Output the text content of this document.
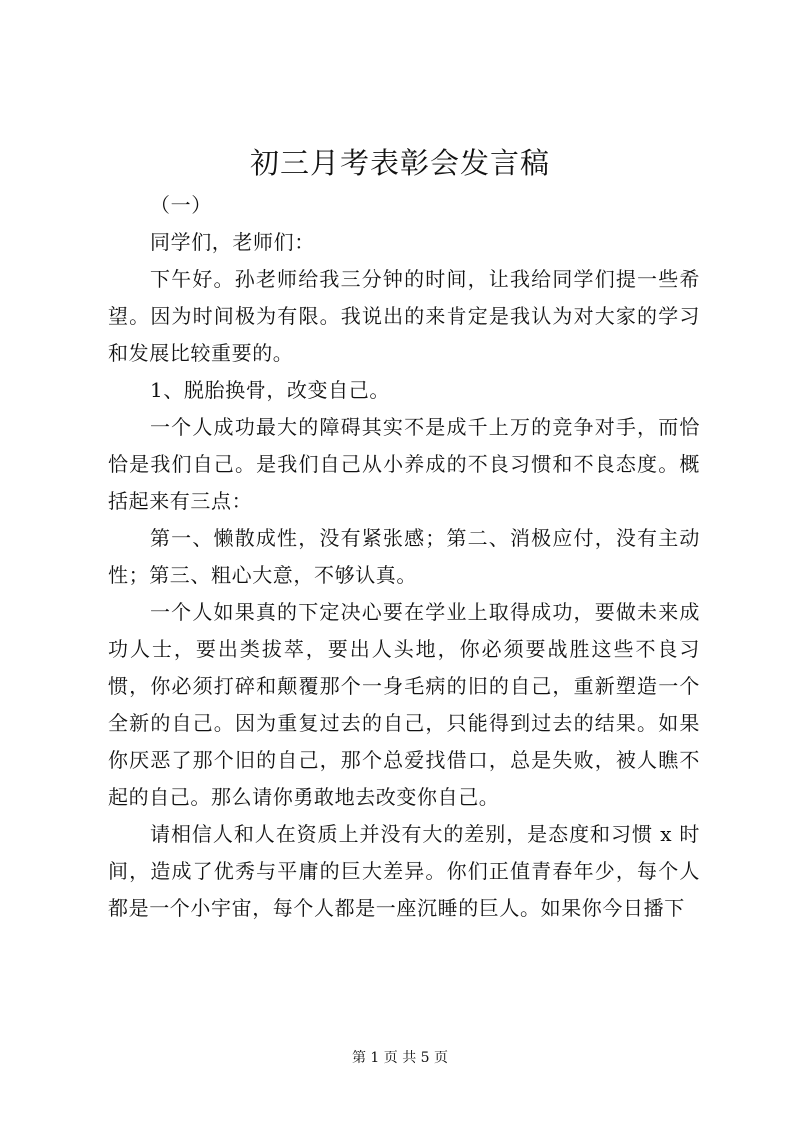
初三月考表彰会发言稿

（一）

同学们，老师们：

下午好。孙老师给我三分钟的时间，让我给同学们提一些希望。因为时间极为有限。我说出的来肯定是我认为对大家的学习和发展比较重要的。

1、脱胎换骨，改变自己。

一个人成功最大的障碍其实不是成千上万的竞争对手，而恰恰是我们自己。是我们自己从小养成的不良习惯和不良态度。概括起来有三点：

第一、懒散成性，没有紧张感；第二、消极应付，没有主动性；第三、粗心大意，不够认真。

一个人如果真的下定决心要在学业上取得成功，要做未来成功人士，要出类拔萃，要出人头地，你必须要战胜这些不良习惯，你必须打碎和颠覆那个一身毛病的旧的自己，重新塑造一个全新的自己。因为重复过去的自己，只能得到过去的结果。如果你厌恶了那个旧的自己，那个总爱找借口，总是失败，被人瞧不起的自己。那么请你勇敢地去改变你自己。

请相信人和人在资质上并没有大的差别，是态度和习惯 x 时间，造成了优秀与平庸的巨大差异。你们正值青春年少，每个人都是一个小宇宙，每个人都是一座沉睡的巨人。如果你今日播下

第 1 页 共 5 页
